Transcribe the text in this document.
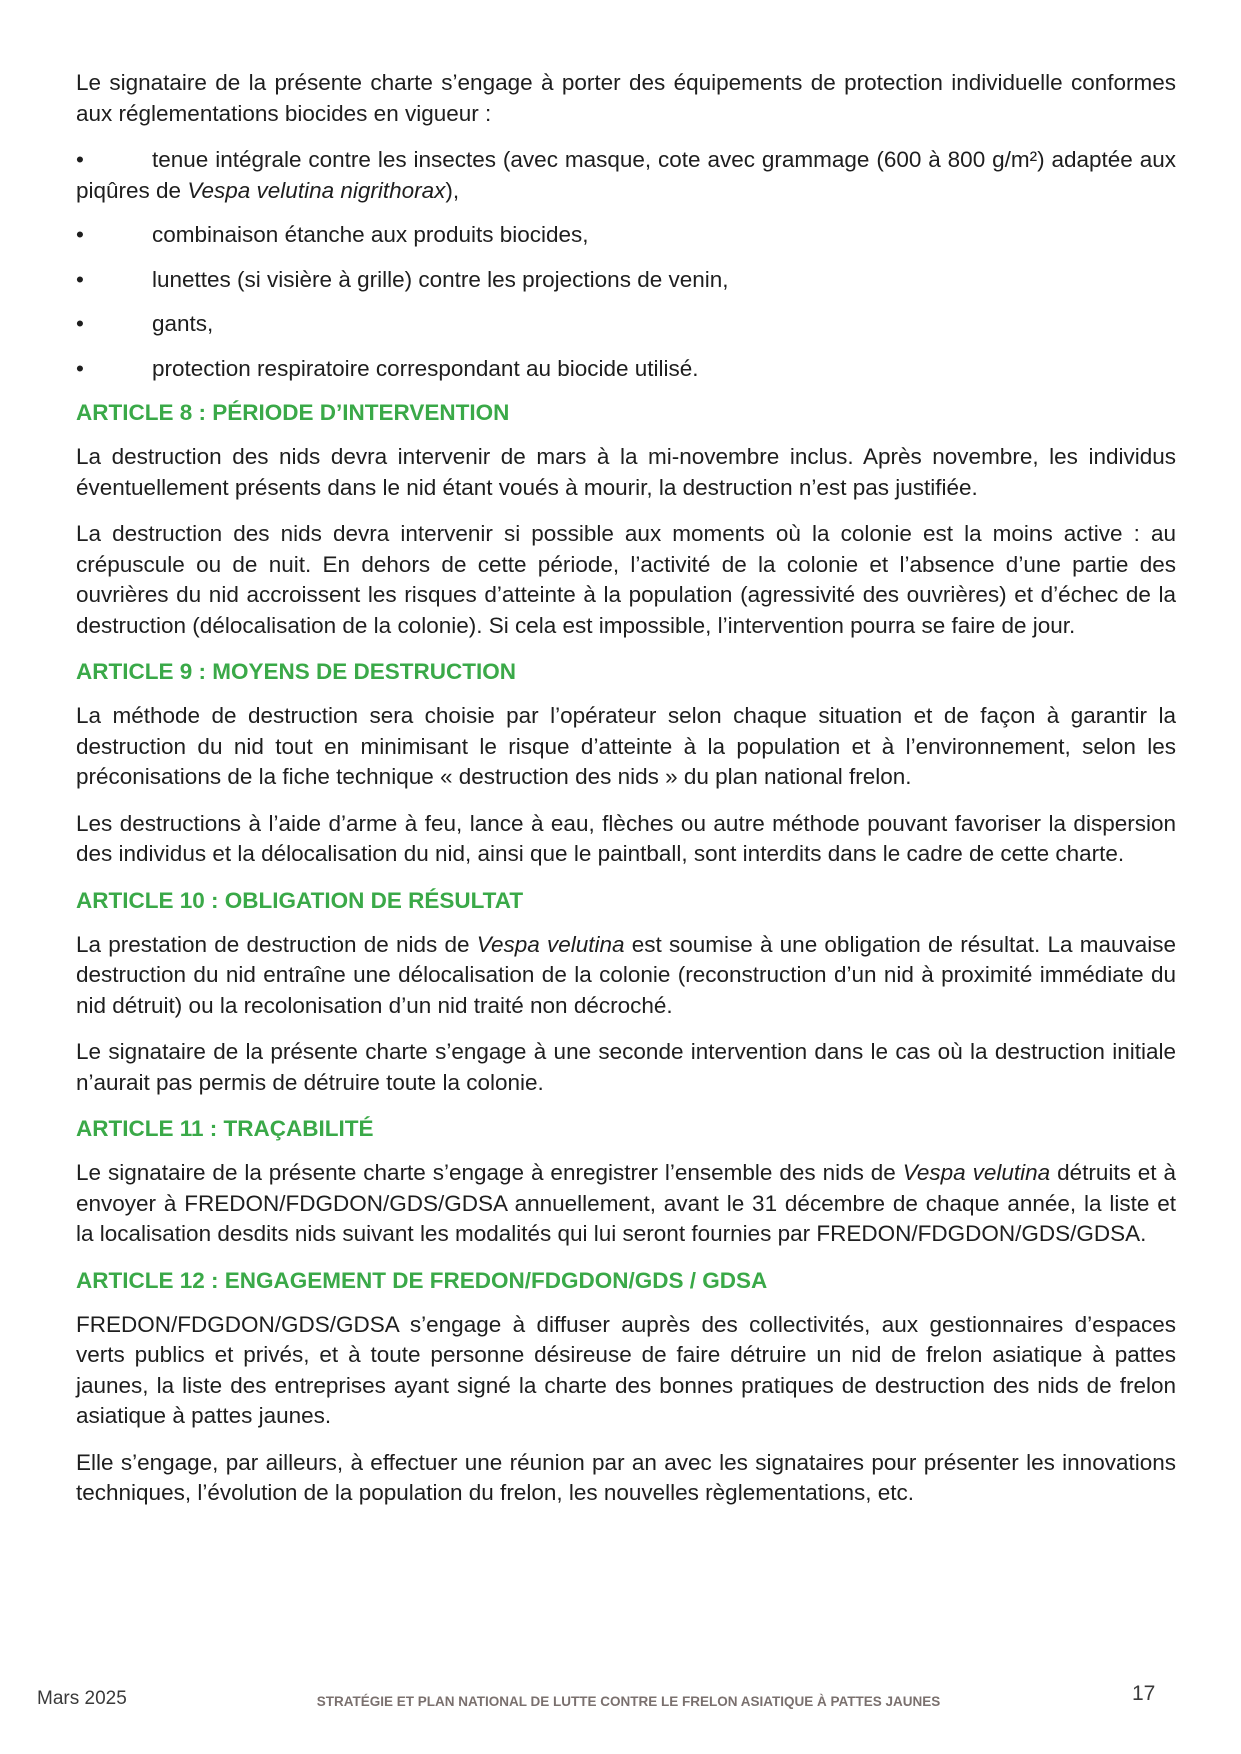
Le signataire de la présente charte s’engage à porter des équipements de protection individuelle conformes aux réglementations biocides en vigueur :

•	tenue intégrale contre les insectes (avec masque, cote avec grammage (600 à 800 g/m²) adaptée aux piqûres de Vespa velutina nigrithorax),
•	combinaison étanche aux produits biocides,
•	lunettes (si visière à grille) contre les projections de venin,
•	gants,
•	protection respiratoire correspondant au biocide utilisé.
ARTICLE 8 : PÉRIODE D’INTERVENTION

La destruction des nids devra intervenir de mars à la mi-novembre inclus. Après novembre, les individus éventuellement présents dans le nid étant voués à mourir, la destruction n’est pas justifiée.

La destruction des nids devra intervenir si possible aux moments où la colonie est la moins active : au crépuscule ou de nuit. En dehors de cette période, l’activité de la colonie et l’absence d’une partie des ouvrières du nid accroissent les risques d’atteinte à la population (agressivité des ouvrières) et d’échec de la destruction (délocalisation de la colonie). Si cela est impossible, l’intervention pourra se faire de jour.

ARTICLE 9 : MOYENS DE DESTRUCTION

La méthode de destruction sera choisie par l’opérateur selon chaque situation et de façon à garantir la destruction du nid tout en minimisant le risque d’atteinte à la population et à l’environnement, selon les préconisations de la fiche technique « destruction des nids » du plan national frelon.

Les destructions à l’aide d’arme à feu, lance à eau, flèches ou autre méthode pouvant favoriser la dispersion des individus et la délocalisation du nid, ainsi que le paintball, sont interdits dans le cadre de cette charte.

ARTICLE 10 : OBLIGATION DE RÉSULTAT

La prestation de destruction de nids de Vespa velutina est soumise à une obligation de résultat. La mauvaise destruction du nid entraîne une délocalisation de la colonie (reconstruction d’un nid à proximité immédiate du nid détruit) ou la recolonisation d’un nid traité non décroché.

Le signataire de la présente charte s’engage à une seconde intervention dans le cas où la destruction initiale n’aurait pas permis de détruire toute la colonie.

ARTICLE 11 : TRAÇABILITÉ

Le signataire de la présente charte s’engage à enregistrer l’ensemble des nids de Vespa velutina détruits et à envoyer à FREDON/FDGDON/GDS/GDSA annuellement, avant le 31 décembre de chaque année, la liste et la localisation desdits nids suivant les modalités qui lui seront fournies par FREDON/FDGDON/GDS/GDSA.

ARTICLE 12 : ENGAGEMENT DE FREDON/FDGDON/GDS / GDSA

FREDON/FDGDON/GDS/GDSA s’engage à diffuser auprès des collectivités, aux gestionnaires d’espaces verts publics et privés, et à toute personne désireuse de faire détruire un nid de frelon asiatique à pattes jaunes, la liste des entreprises ayant signé la charte des bonnes pratiques de destruction des nids de frelon asiatique à pattes jaunes.

Elle s’engage, par ailleurs, à effectuer une réunion par an avec les signataires pour présenter les innovations techniques, l’évolution de la population du frelon, les nouvelles règlementations, etc.

Mars 2025	STRATÉGIE ET PLAN NATIONAL DE LUTTE CONTRE LE FRELON ASIATIQUE À PATTES JAUNES	17
